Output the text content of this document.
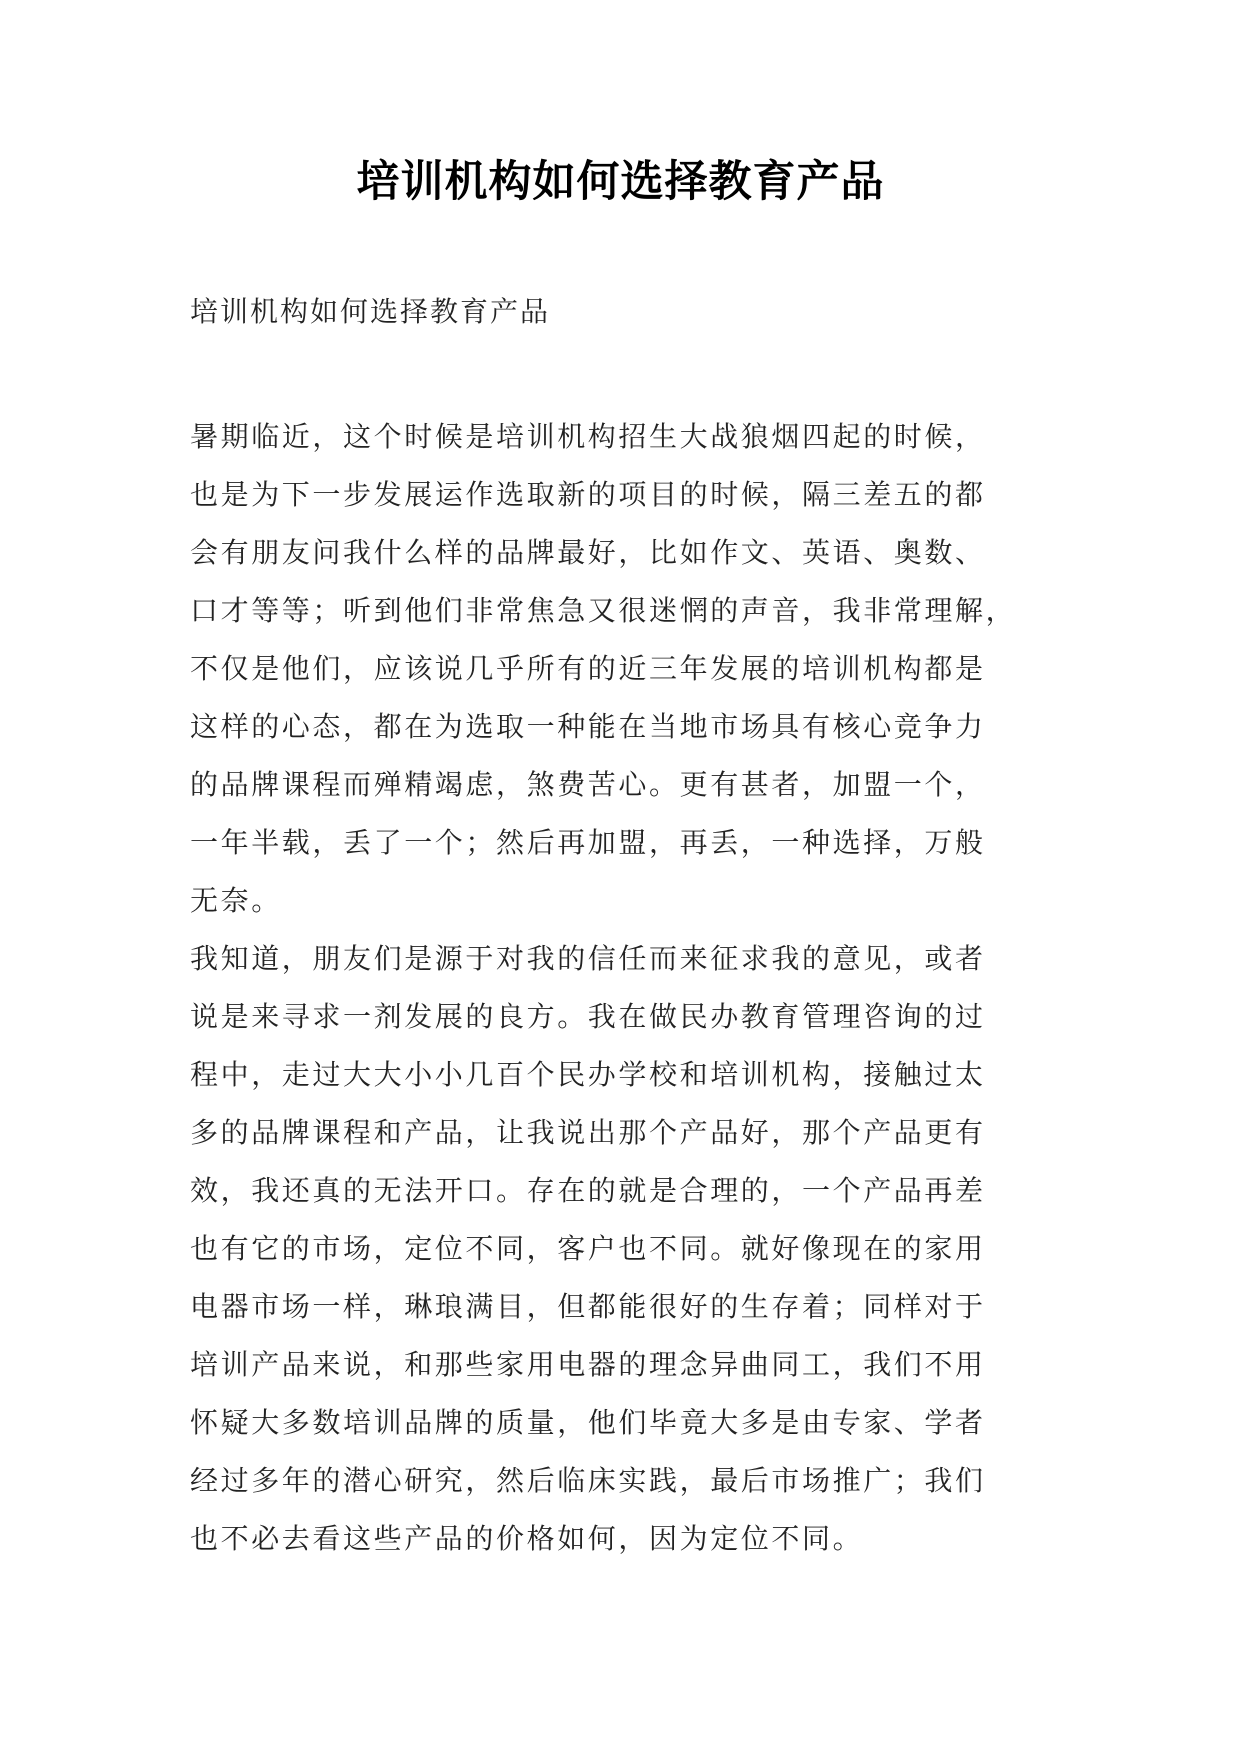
培训机构如何选择教育产品

培训机构如何选择教育产品

暑期临近，这个时候是培训机构招生大战狼烟四起的时候，
也是为下一步发展运作选取新的项目的时候，隔三差五的都
会有朋友问我什么样的品牌最好，比如作文、英语、奥数、
口才等等；听到他们非常焦急又很迷惘的声音，我非常理解，
不仅是他们，应该说几乎所有的近三年发展的培训机构都是
这样的心态，都在为选取一种能在当地市场具有核心竞争力
的品牌课程而殚精竭虑，煞费苦心。更有甚者，加盟一个，
一年半载，丢了一个；然后再加盟，再丢，一种选择，万般
无奈。
我知道，朋友们是源于对我的信任而来征求我的意见，或者
说是来寻求一剂发展的良方。我在做民办教育管理咨询的过
程中，走过大大小小几百个民办学校和培训机构，接触过太
多的品牌课程和产品，让我说出那个产品好，那个产品更有
效，我还真的无法开口。存在的就是合理的，一个产品再差
也有它的市场，定位不同，客户也不同。就好像现在的家用
电器市场一样，琳琅满目，但都能很好的生存着；同样对于
培训产品来说，和那些家用电器的理念异曲同工，我们不用
怀疑大多数培训品牌的质量，他们毕竟大多是由专家、学者
经过多年的潜心研究，然后临床实践，最后市场推广；我们
也不必去看这些产品的价格如何，因为定位不同。
